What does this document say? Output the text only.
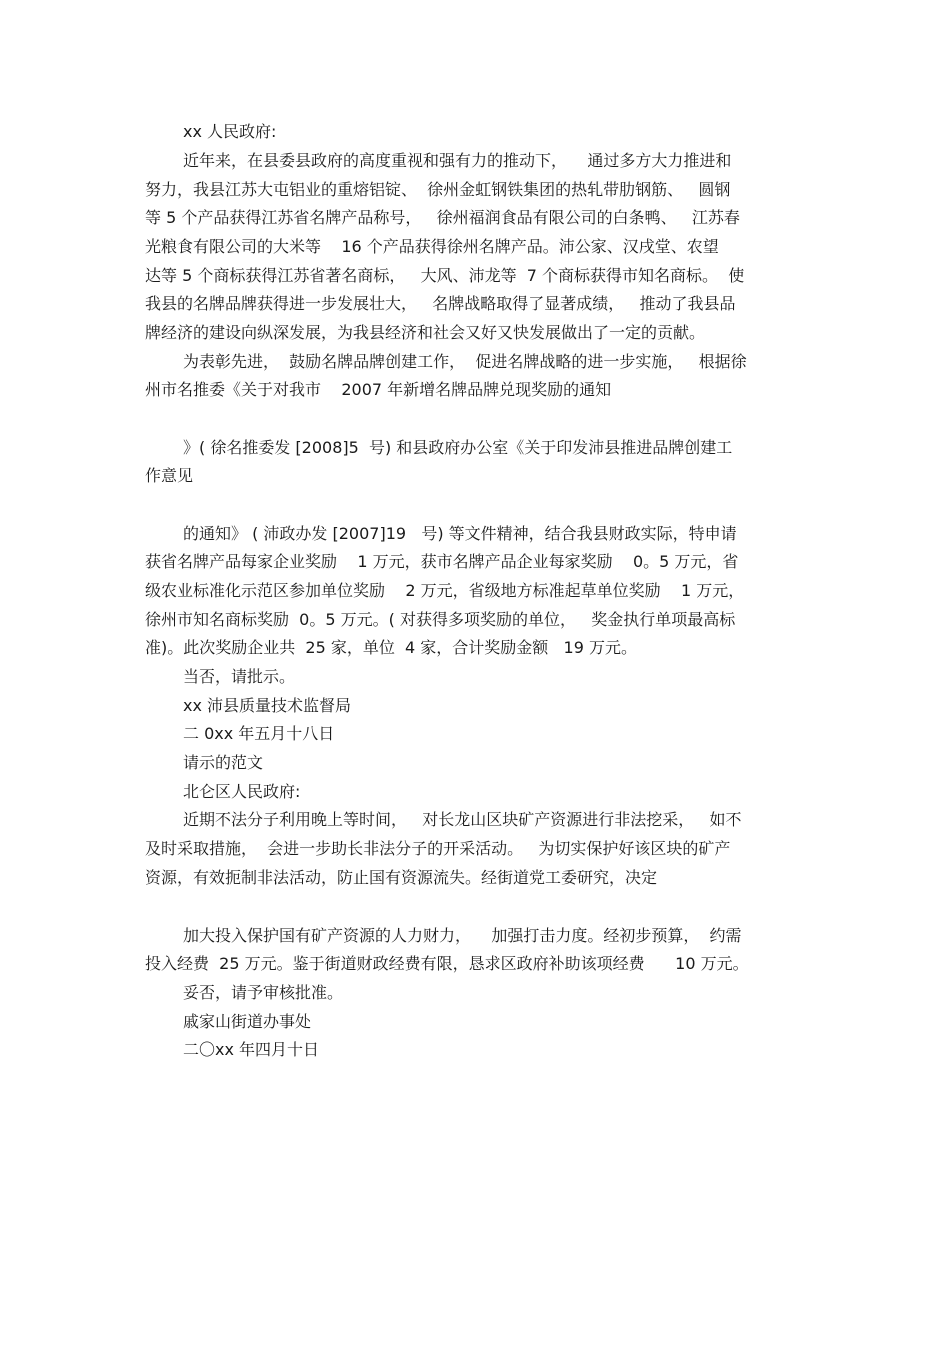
xx 人民政府:
近年来，在县委县政府的高度重视和强有力的推动下，    通过多方大力推进和
努力，我县江苏大屯铝业的重熔铝锭、  徐州金虹钢铁集团的热轧带肋钢筋、   圆钢
等 5 个产品获得江苏省名牌产品称号，   徐州福润食品有限公司的白条鸭、   江苏春
光粮食有限公司的大米等    16 个产品获得徐州名牌产品。沛公家、汉戌堂、农望
达等 5 个商标获得江苏省著名商标，   大风、沛龙等  7 个商标获得市知名商标。  使
我县的名牌品牌获得进一步发展壮大，   名牌战略取得了显著成绩，   推动了我县品
牌经济的建设向纵深发展，为我县经济和社会又好又快发展做出了一定的贡献。
为表彰先进，  鼓励名牌品牌创建工作，  促进名牌战略的进一步实施，   根据徐
州市名推委《关于对我市    2007 年新增名牌品牌兑现奖励的通知
》( 徐名推委发 [2008]5  号) 和县政府办公室《关于印发沛县推进品牌创建工
作意见
的通知》 ( 沛政办发 [2007]19   号) 等文件精神，结合我县财政实际，特申请
获省名牌产品每家企业奖励    1 万元，获市名牌产品企业每家奖励    0。5 万元，省
级农业标准化示范区参加单位奖励    2 万元，省级地方标准起草单位奖励    1 万元，
徐州市知名商标奖励  0。5 万元。( 对获得多项奖励的单位，   奖金执行单项最高标
准)。此次奖励企业共  25 家，单位  4 家，合计奖励金额   19 万元。
当否，请批示。
xx 沛县质量技术监督局
二 0xx 年五月十八日
请示的范文
北仑区人民政府:
近期不法分子利用晚上等时间，   对长龙山区块矿产资源进行非法挖采，   如不
及时采取措施，  会进一步助长非法分子的开采活动。   为切实保护好该区块的矿产
资源，有效扼制非法活动，防止国有资源流失。经街道党工委研究，决定
加大投入保护国有矿产资源的人力财力，    加强打击力度。经初步预算，  约需
投入经费  25 万元。鉴于街道财政经费有限，恳求区政府补助该项经费      10 万元。
妥否，请予审核批准。
戚家山街道办事处
二〇xx 年四月十日
